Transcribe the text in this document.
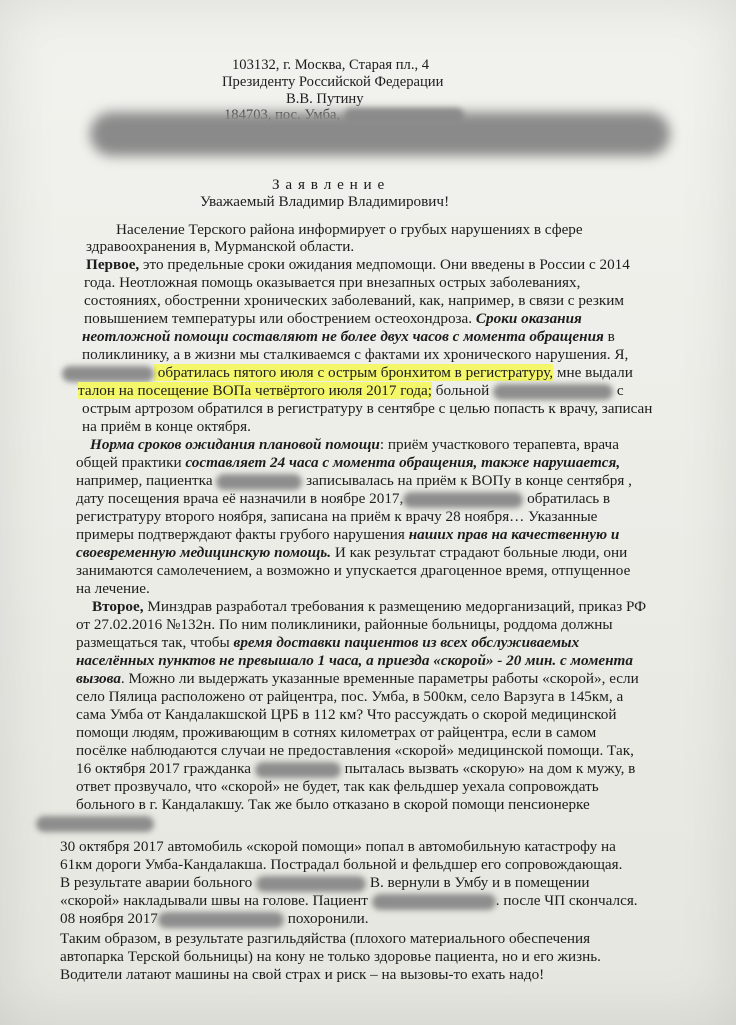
103132, г. Москва, Старая пл., 4
Президенту Российской Федерации
В.В. Путину
З а я в л е н и е
Уважаемый Владимир Владимирович!
Население Терского района информирует о грубых нарушениях в сфере
здравоохранения в, Мурманской области.
Первое, это предельные сроки ожидания медпомощи. Они введены в России с 2014
года. Неотложная помощь оказывается при внезапных острых заболеваниях,
состояниях, обостренни хронических заболеваний, как, например, в связи с резким
повышением температуры или обострением остеохондроза. Сроки оказания
неотложной помощи составляют не более двух часов с момента обращения в
поликлинику, а в жизни мы сталкиваемся с фактами их хронического нарушения. Я,
обратилась пятого июля с острым бронхитом в регистратуру, мне выдали
талон на посещение ВОПа четвёртого июля 2017 года; больной	с
острым артрозом обратился в регистратуру в сентябре с целью попасть к врачу, записан
на приём в конце октября.
Норма сроков ожидания плановой помощи: приём участкового терапевта, врача
общей практики составляет 24 часа с момента обращения, также нарушается,
например, пациентка	записывалась на приём к ВОПу в конце сентября ,
дату посещения врача её назначили в ноябре 2017,	обратилась в
регистратуру второго ноября, записана на приём к врачу 28 ноября… Указанные
примеры подтверждают факты грубого нарушения наших прав на качественную и
своевременную медицинскую помощь. И как результат страдают больные люди, они
занимаются самолечением, а возможно и упускается драгоценное время, отпущенное
на лечение.
Второе, Минздрав разработал требования к размещению медорганизаций, приказ РФ
от 27.02.2016 №132н. По ним поликлиники, районные больницы, роддома должны
размещаться так, чтобы время доставки пациентов из всех обслуживаемых
населённых пунктов не превышало 1 часа, а приезда «скорой» - 20 мин. с момента
вызова. Можно ли выдержать указанные временные параметры работы «скорой», если
село Пялица расположено от райцентра, пос. Умба, в 500км, село Варзуга в 145км, а
сама Умба от Кандалакшской ЦРБ в 112 км? Что рассуждать о скорой медицинской
помощи людям, проживающим в сотнях километрах от райцентра, если в самом
посёлке наблюдаются случаи не предоставления «скорой» медицинской помощи. Так,
16 октября 2017 гражданка	пыталась вызвать «скорую» на дом к мужу, в
ответ прозвучало, что «скорой» не будет, так как фельдшер уехала сопровождать
больного в г. Кандалакшу. Так же было отказано в скорой помощи пенсионерке
30 октября 2017 автомобиль «скорой помощи» попал в автомобильную катастрофу на
61км дороги Умба-Кандалакша. Пострадал больной и фельдшер его сопровождающая.
В результате аварии больного	В. вернули в Умбу и в помещении
«скорой» накладывали швы на голове. Пациент	. после ЧП скончался.
08 ноября 2017	похоронили.
Таким образом, в результате разгильдяйства (плохого материального обеспечения
автопарка Терской больницы) на кону не только здоровье пациента, но и его жизнь.
Водители латают машины на свой страх и риск – на вызовы-то ехать надо!
